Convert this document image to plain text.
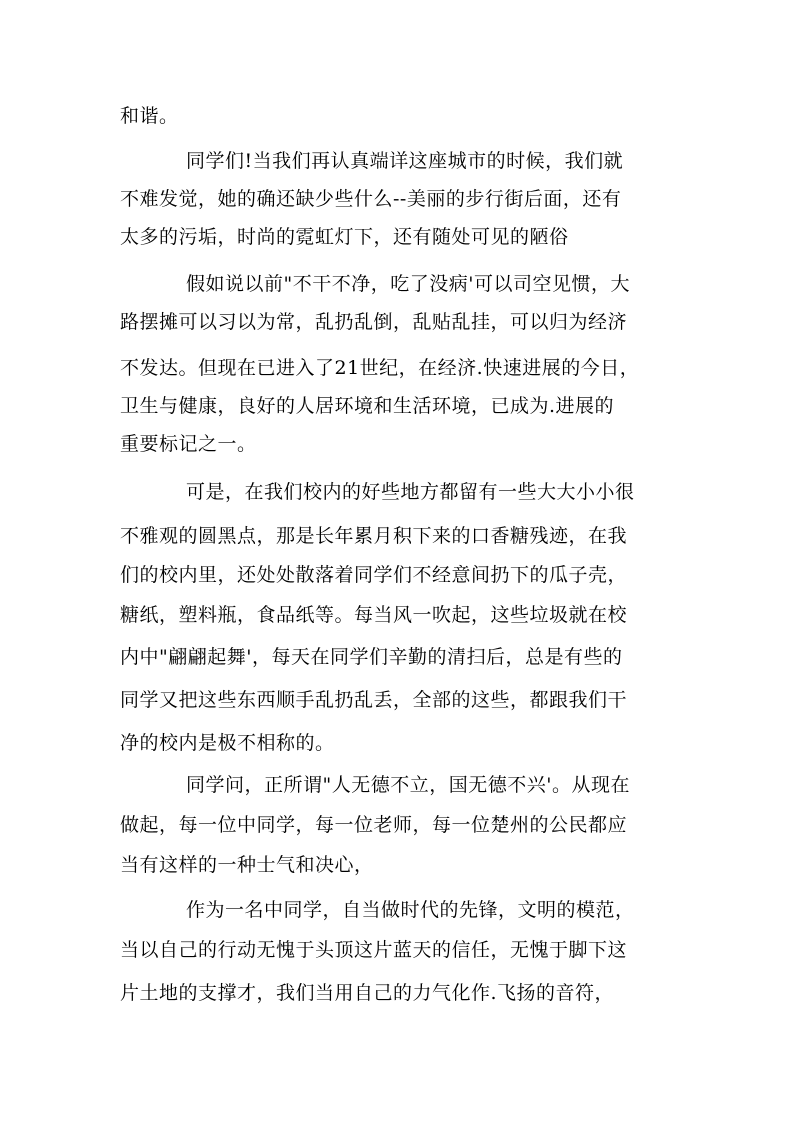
和谐。
同学们!当我们再认真端详这座城市的时候，我们就
不难发觉，她的确还缺少些什么--美丽的步行街后面，还有
太多的污垢，时尚的霓虹灯下，还有随处可见的陋俗
假如说以前"不干不净，吃了没病'可以司空见惯，大
路摆摊可以习以为常，乱扔乱倒，乱贴乱挂，可以归为经济
不发达。但现在已进入了21世纪，在经济.快速进展的今日，
卫生与健康，良好的人居环境和生活环境，已成为.进展的
重要标记之一。
可是，在我们校内的好些地方都留有一些大大小小很
不雅观的圆黑点，那是长年累月积下来的口香糖残迹，在我
们的校内里，还处处散落着同学们不经意间扔下的瓜子壳，
糖纸，塑料瓶，食品纸等。每当风一吹起，这些垃圾就在校
内中"翩翩起舞'，每天在同学们辛勤的清扫后，总是有些的
同学又把这些东西顺手乱扔乱丢，全部的这些，都跟我们干
净的校内是极不相称的。
同学问，正所谓"人无德不立，国无德不兴'。从现在
做起，每一位中同学，每一位老师，每一位楚州的公民都应
当有这样的一种士气和决心，
作为一名中同学，自当做时代的先锋，文明的模范，
当以自己的行动无愧于头顶这片蓝天的信任，无愧于脚下这
片土地的支撑才，我们当用自己的力气化作.飞扬的音符，
